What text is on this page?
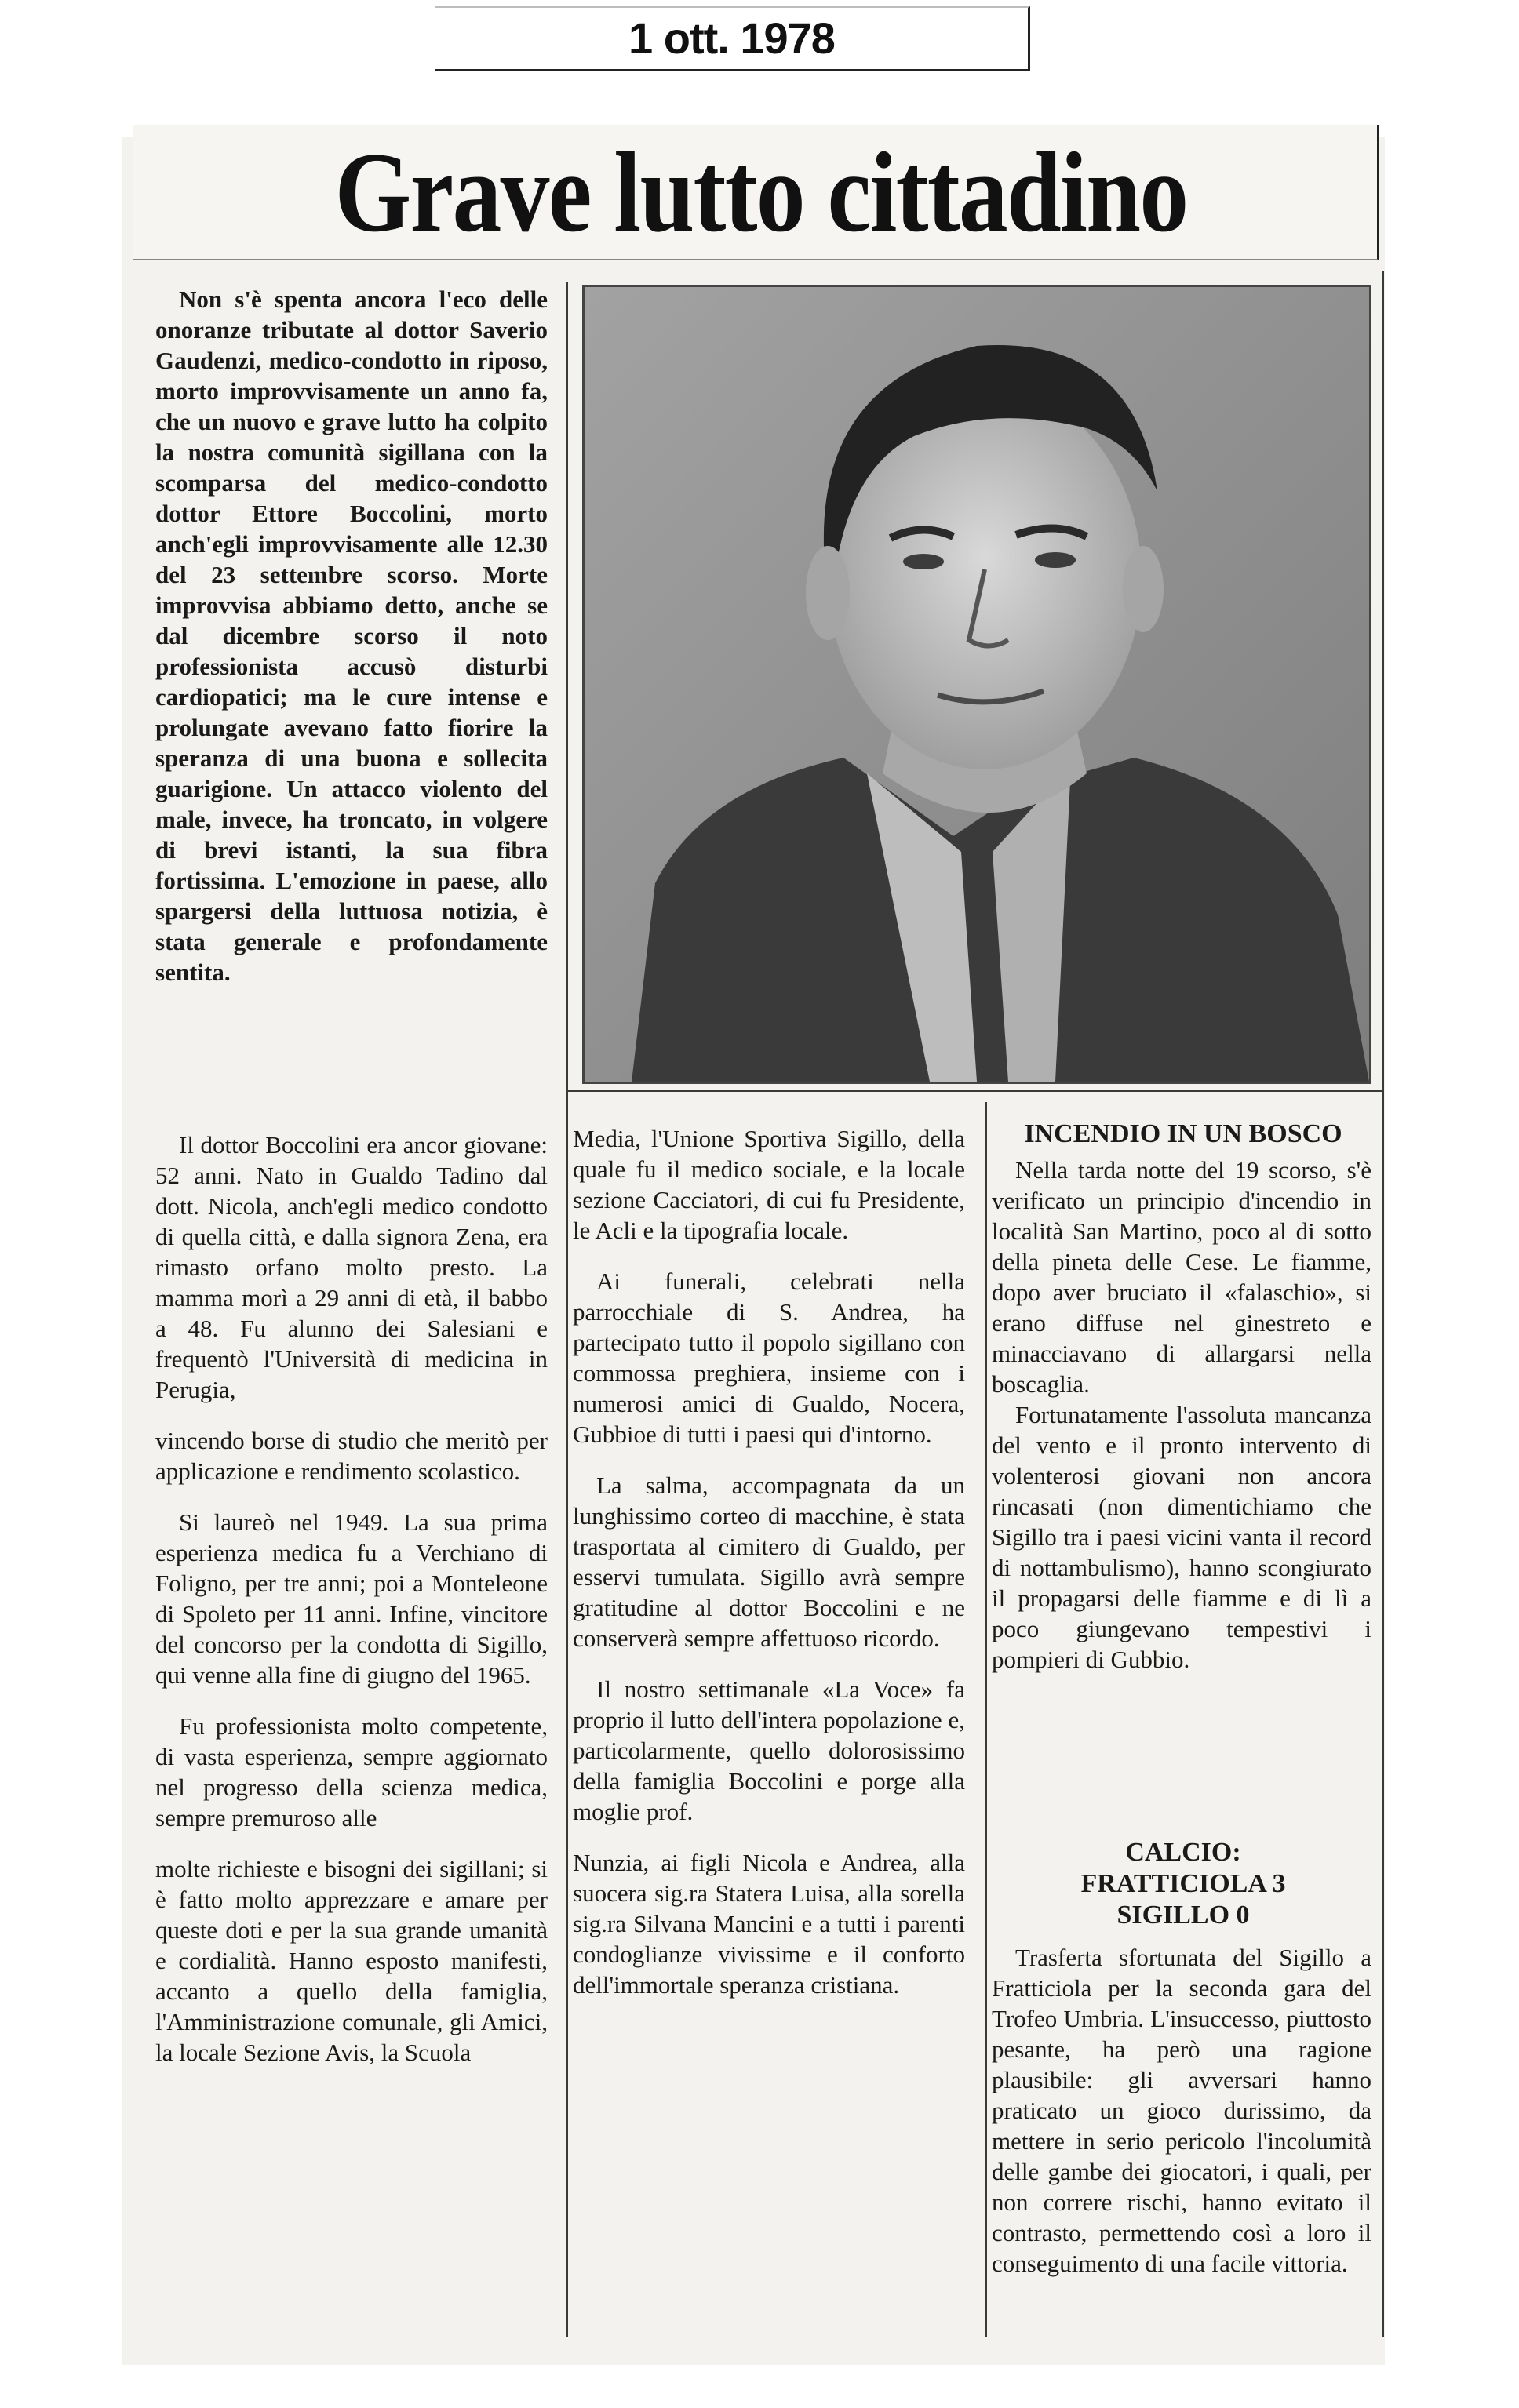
1 ott. 1978
Grave lutto cittadino

Non s'è spenta ancora l'eco delle onoranze tributate al dottor Saverio Gaudenzi, medico-condotto in riposo, morto improvvisamente un anno fa, che un nuovo e grave lutto ha colpito la nostra comunità sigillana con la scomparsa del medico-condotto dottor Ettore Boccolini, morto anch'egli improvvisamente alle 12.30 del 23 settembre scorso. Morte improvvisa abbiamo detto, anche se dal dicembre scorso il noto professionista accusò disturbi cardiopatici; ma le cure intense e prolungate avevano fatto fiorire la speranza di una buona e sollecita guarigione. Un attacco violento del male, invece, ha troncato, in volgere di brevi istanti, la sua fibra fortissima. L'emozione in paese, allo spargersi della luttuosa notizia, è stata generale e profondamente sentita.

Il dottor Boccolini era ancor giovane: 52 anni. Nato in Gualdo Tadino dal dott. Nicola, anch'egli medico condotto di quella città, e dalla signora Zena, era rimasto orfano molto presto. La mamma morì a 29 anni di età, il babbo a 48. Fu alunno dei Salesiani e frequentò l'Università di medicina in Perugia,

vincendo borse di studio che meritò per applicazione e rendimento scolastico.

Si laureò nel 1949. La sua prima esperienza medica fu a Verchiano di Foligno, per tre anni; poi a Monteleone di Spoleto per 11 anni. Infine, vincitore del concorso per la condotta di Sigillo, qui venne alla fine di giugno del 1965.

Fu professionista molto competente, di vasta esperienza, sempre aggiornato nel progresso della scienza medica, sempre premuroso alle

molte richieste e bisogni dei sigillani; si è fatto molto apprezzare e amare per queste doti e per la sua grande umanità e cordialità. Hanno esposto manifesti, accanto a quello della famiglia, l'Amministrazione comunale, gli Amici, la locale Sezione Avis, la Scuola

Media, l'Unione Sportiva Sigillo, della quale fu il medico sociale, e la locale sezione Cacciatori, di cui fu Presidente, le Acli e la tipografia locale.

Ai funerali, celebrati nella parrocchiale di S. Andrea, ha partecipato tutto il popolo sigillano con commossa preghiera, insieme con i numerosi amici di Gualdo, Nocera, Gubbioe di tutti i paesi qui d'intorno.

La salma, accompagnata da un lunghissimo corteo di macchine, è stata trasportata al cimitero di Gualdo, per esservi tumulata. Sigillo avrà sempre gratitudine al dottor Boccolini e ne conserverà sempre affettuoso ricordo.

Il nostro settimanale «La Voce» fa proprio il lutto dell'intera popolazione e, particolarmente, quello dolorosissimo della famiglia Boccolini e porge alla moglie prof.

Nunzia, ai figli Nicola e Andrea, alla suocera sig.ra Statera Luisa, alla sorella sig.ra Silvana Mancini e a tutti i parenti condoglianze vivissime e il conforto dell'immortale speranza cristiana.

INCENDIO IN UN BOSCO

Nella tarda notte del 19 scorso, s'è verificato un principio d'incendio in località San Martino, poco al di sotto della pineta delle Cese. Le fiamme, dopo aver bruciato il «falaschio», si erano diffuse nel ginestreto e minacciavano di allargarsi nella boscaglia.

Fortunatamente l'assoluta mancanza del vento e il pronto intervento di volenterosi giovani non ancora rincasati (non dimentichiamo che Sigillo tra i paesi vicini vanta il record di nottambulismo), hanno scongiurato il propagarsi delle fiamme e di lì a poco giungevano tempestivi i pompieri di Gubbio.

CALCIO:
FRATTICIOLA 3
SIGILLO 0

Trasferta sfortunata del Sigillo a Fratticiola per la seconda gara del Trofeo Umbria. L'insuccesso, piuttosto pesante, ha però una ragione plausibile: gli avversari hanno praticato un gioco durissimo, da mettere in serio pericolo l'incolumità delle gambe dei giocatori, i quali, per non correre rischi, hanno evitato il contrasto, permettendo così a loro il conseguimento di una facile vittoria.
